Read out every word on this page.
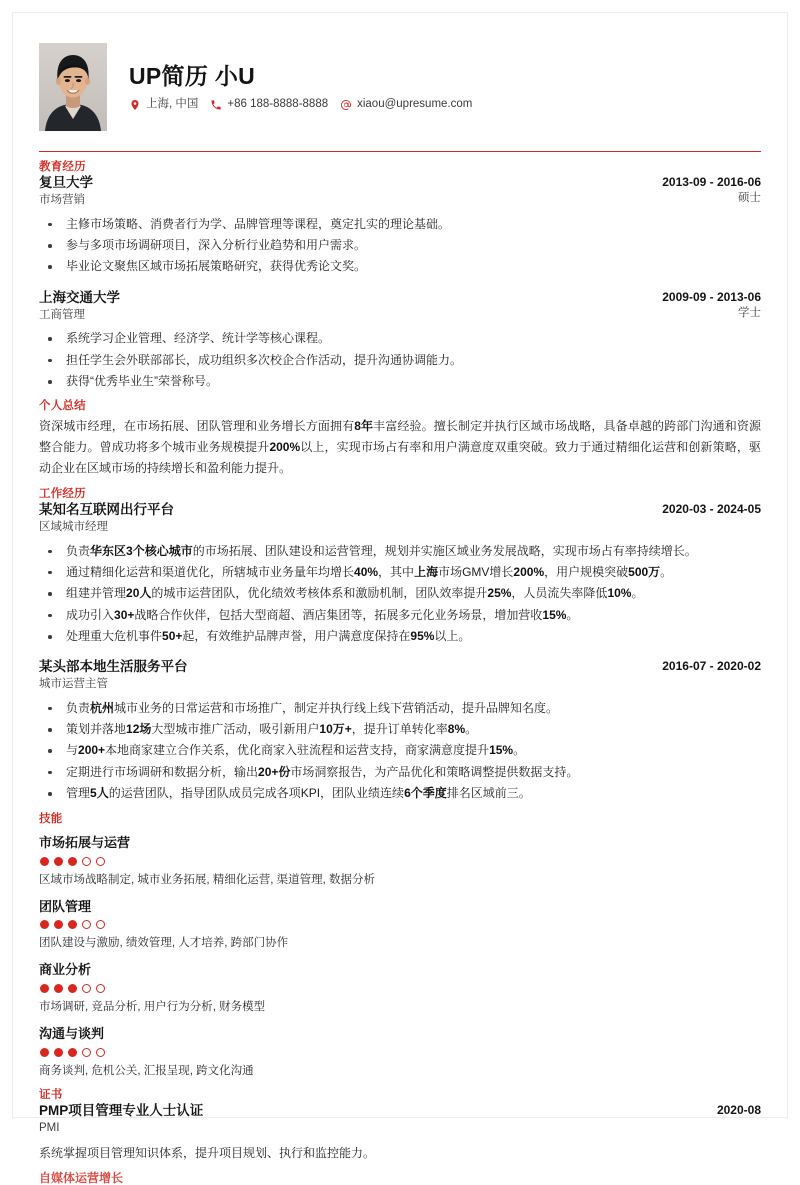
UP简历 小U
上海, 中国	+86 188-8888-8888	xiaou@upresume.com
教育经历
复旦大学
市场营销
2013-09 - 2016-06
硕士
主修市场策略、消费者行为学、品牌管理等课程，奠定扎实的理论基础。
参与多项市场调研项目，深入分析行业趋势和用户需求。
毕业论文聚焦区域市场拓展策略研究，获得优秀论文奖。
上海交通大学
工商管理
2009-09 - 2013-06
学士
系统学习企业管理、经济学、统计学等核心课程。
担任学生会外联部部长，成功组织多次校企合作活动，提升沟通协调能力。
获得“优秀毕业生”荣誉称号。
个人总结
资深城市经理，在市场拓展、团队管理和业务增长方面拥有8年丰富经验。擅长制定并执行区域市场战略，具备卓越的跨部门沟通和资源整合能力。曾成功将多个城市业务规模提升200%以上，实现市场占有率和用户满意度双重突破。致力于通过精细化运营和创新策略，驱动企业在区域市场的持续增长和盈利能力提升。
工作经历
某知名互联网出行平台
区域城市经理
2020-03 - 2024-05
负责华东区3个核心城市的市场拓展、团队建设和运营管理，规划并实施区域业务发展战略，实现市场占有率持续增长。
通过精细化运营和渠道优化，所辖城市业务量年均增长40%，其中上海市场GMV增长200%，用户规模突破500万。
组建并管理20人的城市运营团队，优化绩效考核体系和激励机制，团队效率提升25%，人员流失率降低10%。
成功引入30+战略合作伙伴，包括大型商超、酒店集团等，拓展多元化业务场景，增加营收15%。
处理重大危机事件50+起，有效维护品牌声誉，用户满意度保持在95%以上。
某头部本地生活服务平台
城市运营主管
2016-07 - 2020-02
负责杭州城市业务的日常运营和市场推广，制定并执行线上线下营销活动，提升品牌知名度。
策划并落地12场大型城市推广活动，吸引新用户10万+，提升订单转化率8%。
与200+本地商家建立合作关系，优化商家入驻流程和运营支持，商家满意度提升15%。
定期进行市场调研和数据分析，输出20+份市场洞察报告，为产品优化和策略调整提供数据支持。
管理5人的运营团队，指导团队成员完成各项KPI，团队业绩连续6个季度排名区域前三。
技能
市场拓展与运营
区域市场战略制定, 城市业务拓展, 精细化运营, 渠道管理, 数据分析
团队管理
团队建设与激励, 绩效管理, 人才培养, 跨部门协作
商业分析
市场调研, 竞品分析, 用户行为分析, 财务模型
沟通与谈判
商务谈判, 危机公关, 汇报呈现, 跨文化沟通
证书
PMP项目管理专业人士认证
PMI
2020-08
系统掌握项目管理知识体系，提升项目规划、执行和监控能力。
自媒体运营增长
